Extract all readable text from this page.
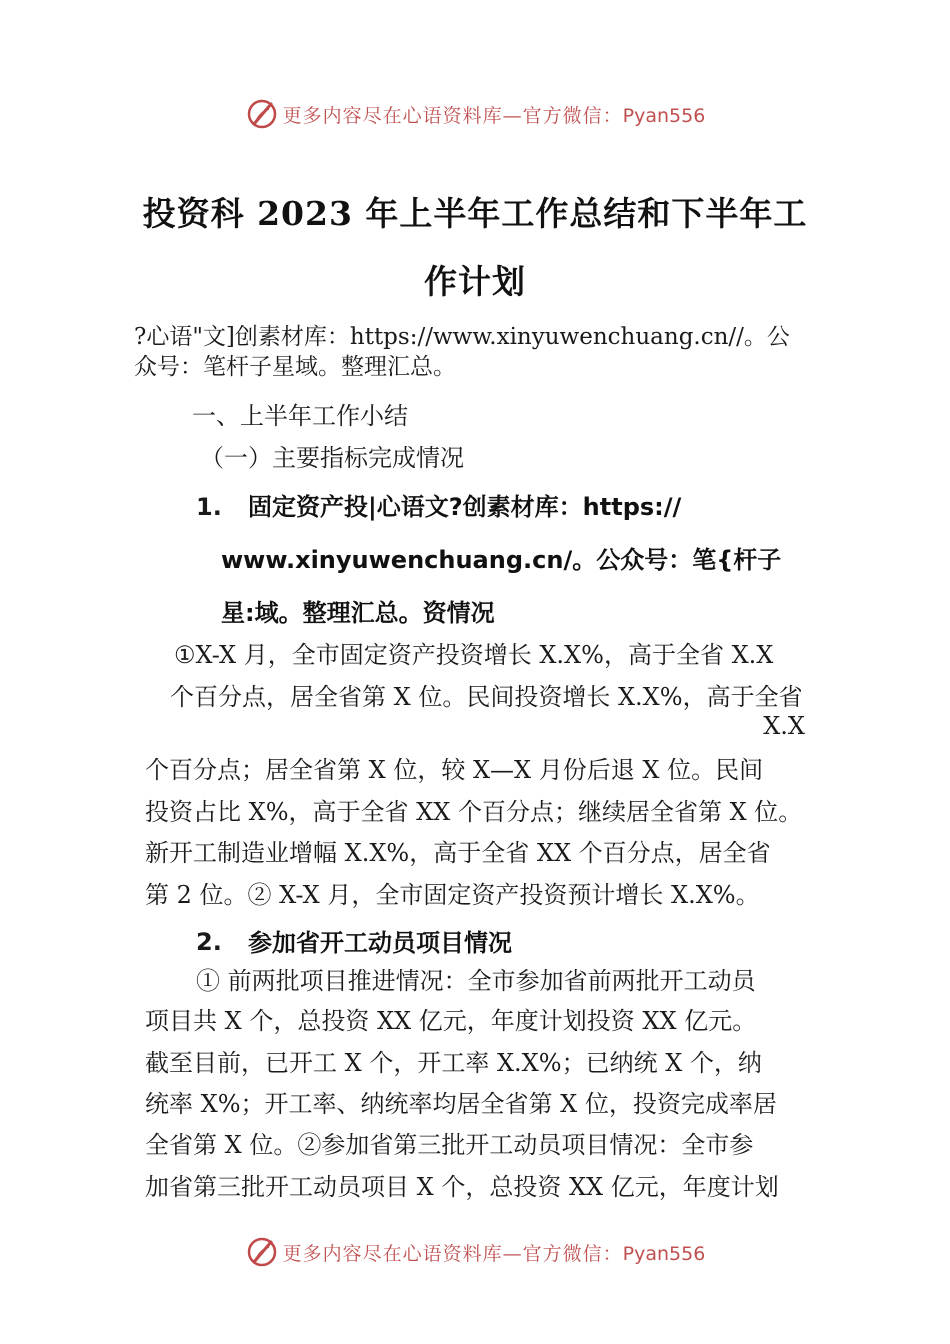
更多内容尽在心语资料库—官方微信：Pyan556
投资科 2023 年上半年工作总结和下半年工
作计划
?心语"文]创素材库：https://www.xinyuwenchuang.cn//。公
众号：笔杆子星域。整理汇总。
一、上半年工作小结
（一）主要指标完成情况
1. 固定资产投|心语文?创素材库：https://
www.xinyuwenchuang.cn/。公众号：笔{杆子
星:域。整理汇总。资情况
①X-X 月，全市固定资产投资增长 X.X%，高于全省 X.X
个百分点，居全省第 X 位。民间投资增长 X.X%，高于全省
X.X
个百分点；居全省第 X 位，较 X—X 月份后退 X 位。民间
投资占比 X%，高于全省 XX 个百分点；继续居全省第 X 位。
新开工制造业增幅 X.X%，高于全省 XX 个百分点，居全省
第 2 位。② X-X 月，全市固定资产投资预计增长 X.X%。
2. 参加省开工动员项目情况
① 前两批项目推进情况：全市参加省前两批开工动员
项目共 X 个，总投资 XX 亿元，年度计划投资 XX 亿元。
截至目前，已开工 X 个，开工率 X.X%；已纳统 X 个，纳
统率 X%；开工率、纳统率均居全省第 X 位，投资完成率居
全省第 X 位。②参加省第三批开工动员项目情况：全市参
加省第三批开工动员项目 X 个，总投资 XX 亿元，年度计划
更多内容尽在心语资料库—官方微信：Pyan556
